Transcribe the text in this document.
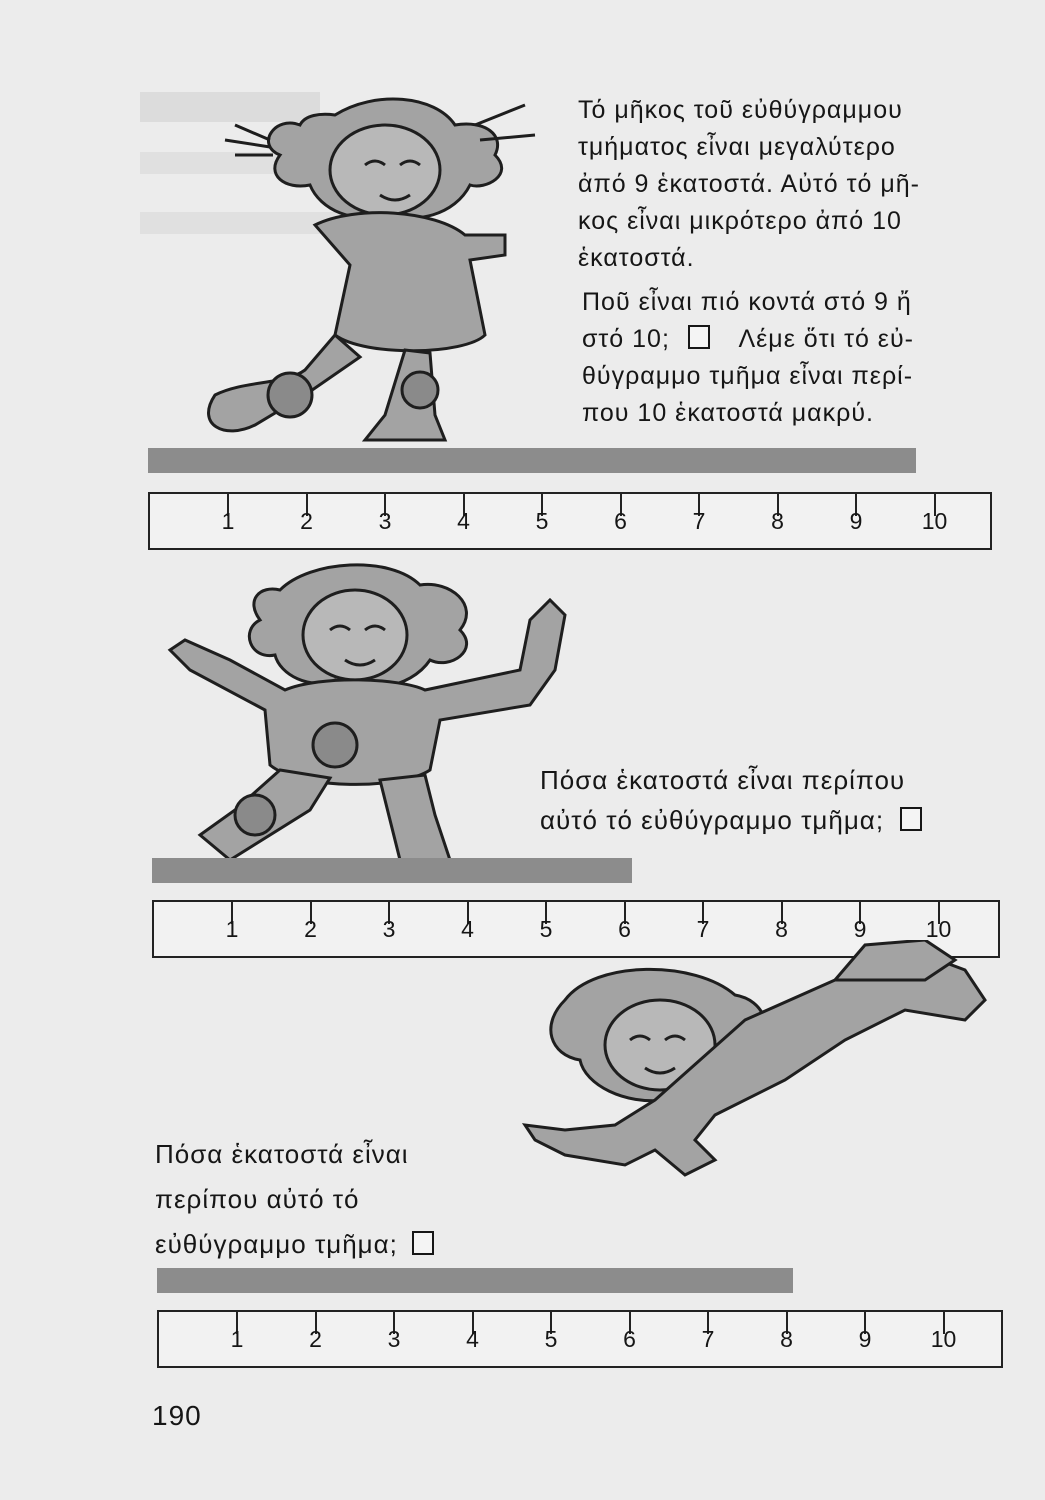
Τό μῆκος τοῦ εὐθύγραμμου
τμήματος εἶναι μεγαλύτερο
ἀπό 9 ἑκατοστά. Αὐτό τό μῆ-
κος εἶναι μικρότερο ἀπό 10
ἑκατοστά.
Ποῦ εἶναι πιό κοντά στό 9 ἤ
στό 10;	Λέμε ὅτι τό εὐ-
θύγραμμο τμῆμα εἶναι περί-
που 10 ἑκατοστά μακρύ.
1	2	3	4	5	6	7	8	9	10
Πόσα ἑκατοστά εἶναι περίπου
αὐτό τό εὐθύγραμμο τμῆμα;
1	2	3	4	5	6	7	8	9	10
Πόσα ἑκατοστά εἶναι
περίπου αὐτό τό
εὐθύγραμμο τμῆμα;
1	2	3	4	5	6	7	8	9	10
190
